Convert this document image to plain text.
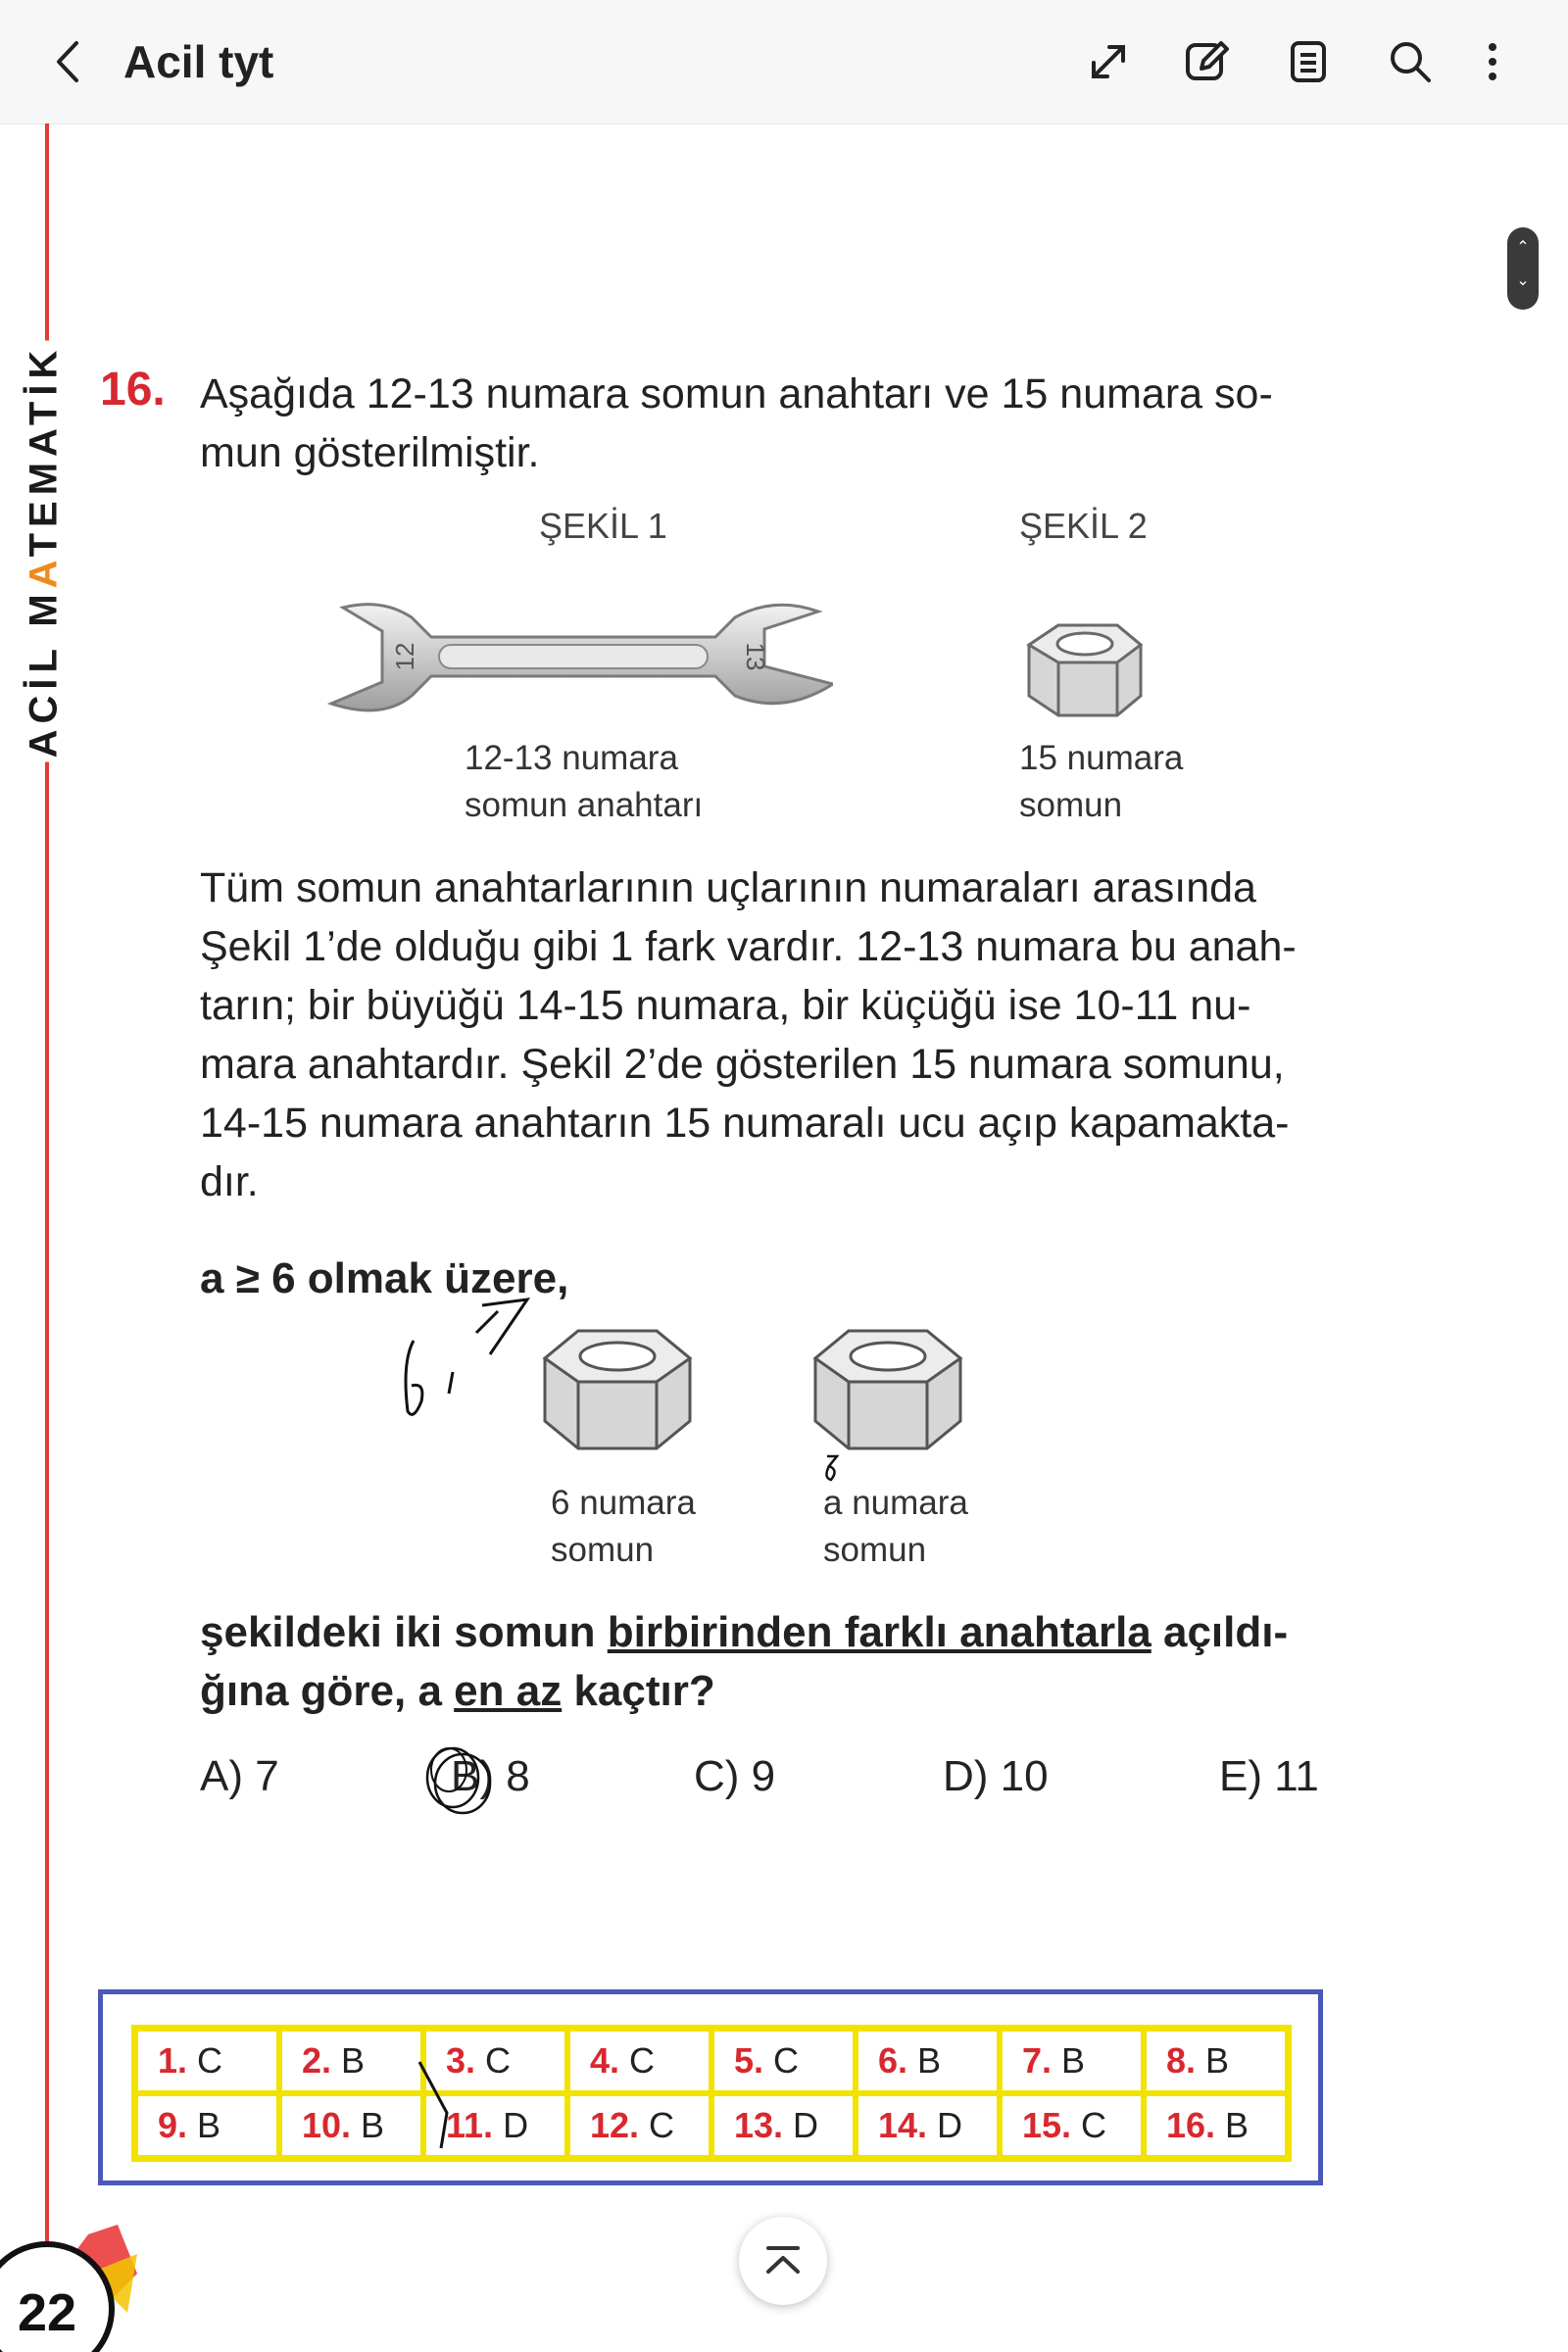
Acil tyt
ACİL MATEMATİK
⌃
⌄
16. Aşağıda 12-13 numara somun anahtarı ve 15 numara so-
mun gösterilmiştir.
ŞEKİL 1	ŞEKİL 2
12	13
12-13 numara
somun anahtarı
15 numara
somun
Tüm somun anahtarlarının uçlarının numaraları arasında
Şekil 1’de olduğu gibi 1 fark vardır. 12-13 numara bu anah-
tarın; bir büyüğü 14-15 numara, bir küçüğü ise 10-11 nu-
mara anahtardır. Şekil 2’de gösterilen 15 numara somunu,
14-15 numara anahtarın 15 numaralı ucu açıp kapamakta-
dır.
a ≥ 6 olmak üzere,
6 numara
somun
a numara
somun
şekildeki iki somun birbirinden farklı anahtarla açıldı-
ğına göre, a en az kaçtır?
A) 7	B) 8	C) 9	D) 10	E) 11
1. C 2. B 3. C 4. C 5. C 6. B 7. B 8. B
9. B 10. B 11. D 12. C 13. D 14. D 15. C 16. B
22
